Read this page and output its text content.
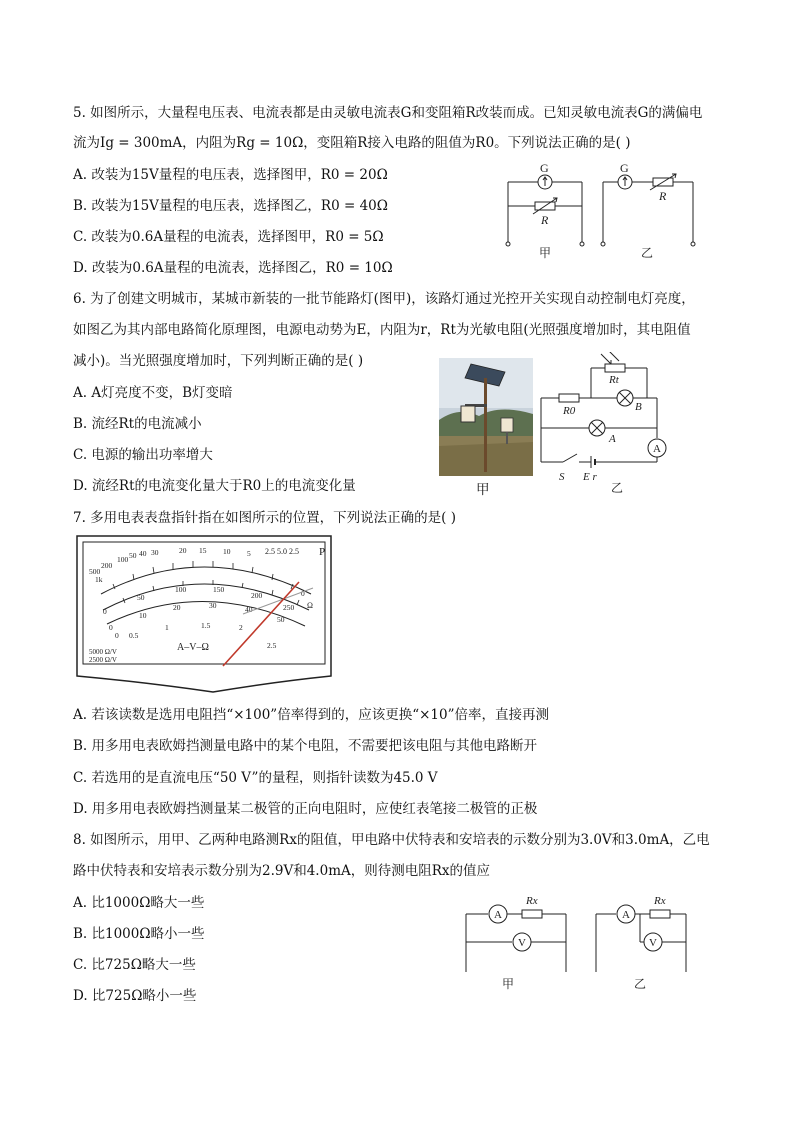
5. 如图所示，大量程电压表、电流表都是由灵敏电流表G和变阻箱R改装而成。已知灵敏电流表G的满偏电
流为Ig = 300mA，内阻为Rg = 10Ω，变阻箱R接入电路的阻值为R0。下列说法正确的是( )
A. 改装为15V量程的电压表，选择图甲，R0 = 20Ω
B. 改装为15V量程的电压表，选择图乙，R0 = 40Ω
C. 改装为0.6A量程的电流表，选择图甲，R0 = 5Ω
D. 改装为0.6A量程的电流表，选择图乙，R0 = 10Ω
G
R
甲
G
R
乙
6. 为了创建文明城市，某城市新装的一批节能路灯(图甲)，该路灯通过光控开关实现自动控制电灯亮度，
如图乙为其内部电路简化原理图，电源电动势为E，内阻为r，Rt为光敏电阻(光照强度增加时，其电阻值
减小)。当光照强度增加时，下列判断正确的是( )
A. A灯亮度不变，B灯变暗
B. 流经Rt的电流减小
C. 电源的输出功率增大
D. 流经Rt的电流变化量大于R0上的电流变化量	甲
Rt
R0	B
A
A
S E r
乙
7. 多用电表表盘指针指在如图所示的位置，下列说法正确的是( )
500
1k
200
100 50 40 30	20 15 10 5
0
0
50
100	150
200
250
0
10
20	30	40
50
0 0.5
1	1.5	2
2.5
2.5 5.0 2.5 P
Ω
A–V–Ω
5000 Ω/V
2500 Ω/V
A. 若该读数是选用电阻挡“×100”倍率得到的，应该更换“×10”倍率，直接再测
B. 用多用电表欧姆挡测量电路中的某个电阻，不需要把该电阻与其他电路断开
C. 若选用的是直流电压“50 V”的量程，则指针读数为45.0 V
D. 用多用电表欧姆挡测量某二极管的正向电阻时，应使红表笔接二极管的正极
8. 如图所示，用甲、乙两种电路测Rx的阻值，甲电路中伏特表和安培表的示数分别为3.0V和3.0mA，乙电
路中伏特表和安培表示数分别为2.9V和4.0mA，则待测电阻Rx的值应
A. 比1000Ω略大一些
B. 比1000Ω略小一些
C. 比725Ω略大一些
D. 比725Ω略小一些
A
V
Rx
A
V
Rx
甲	乙
